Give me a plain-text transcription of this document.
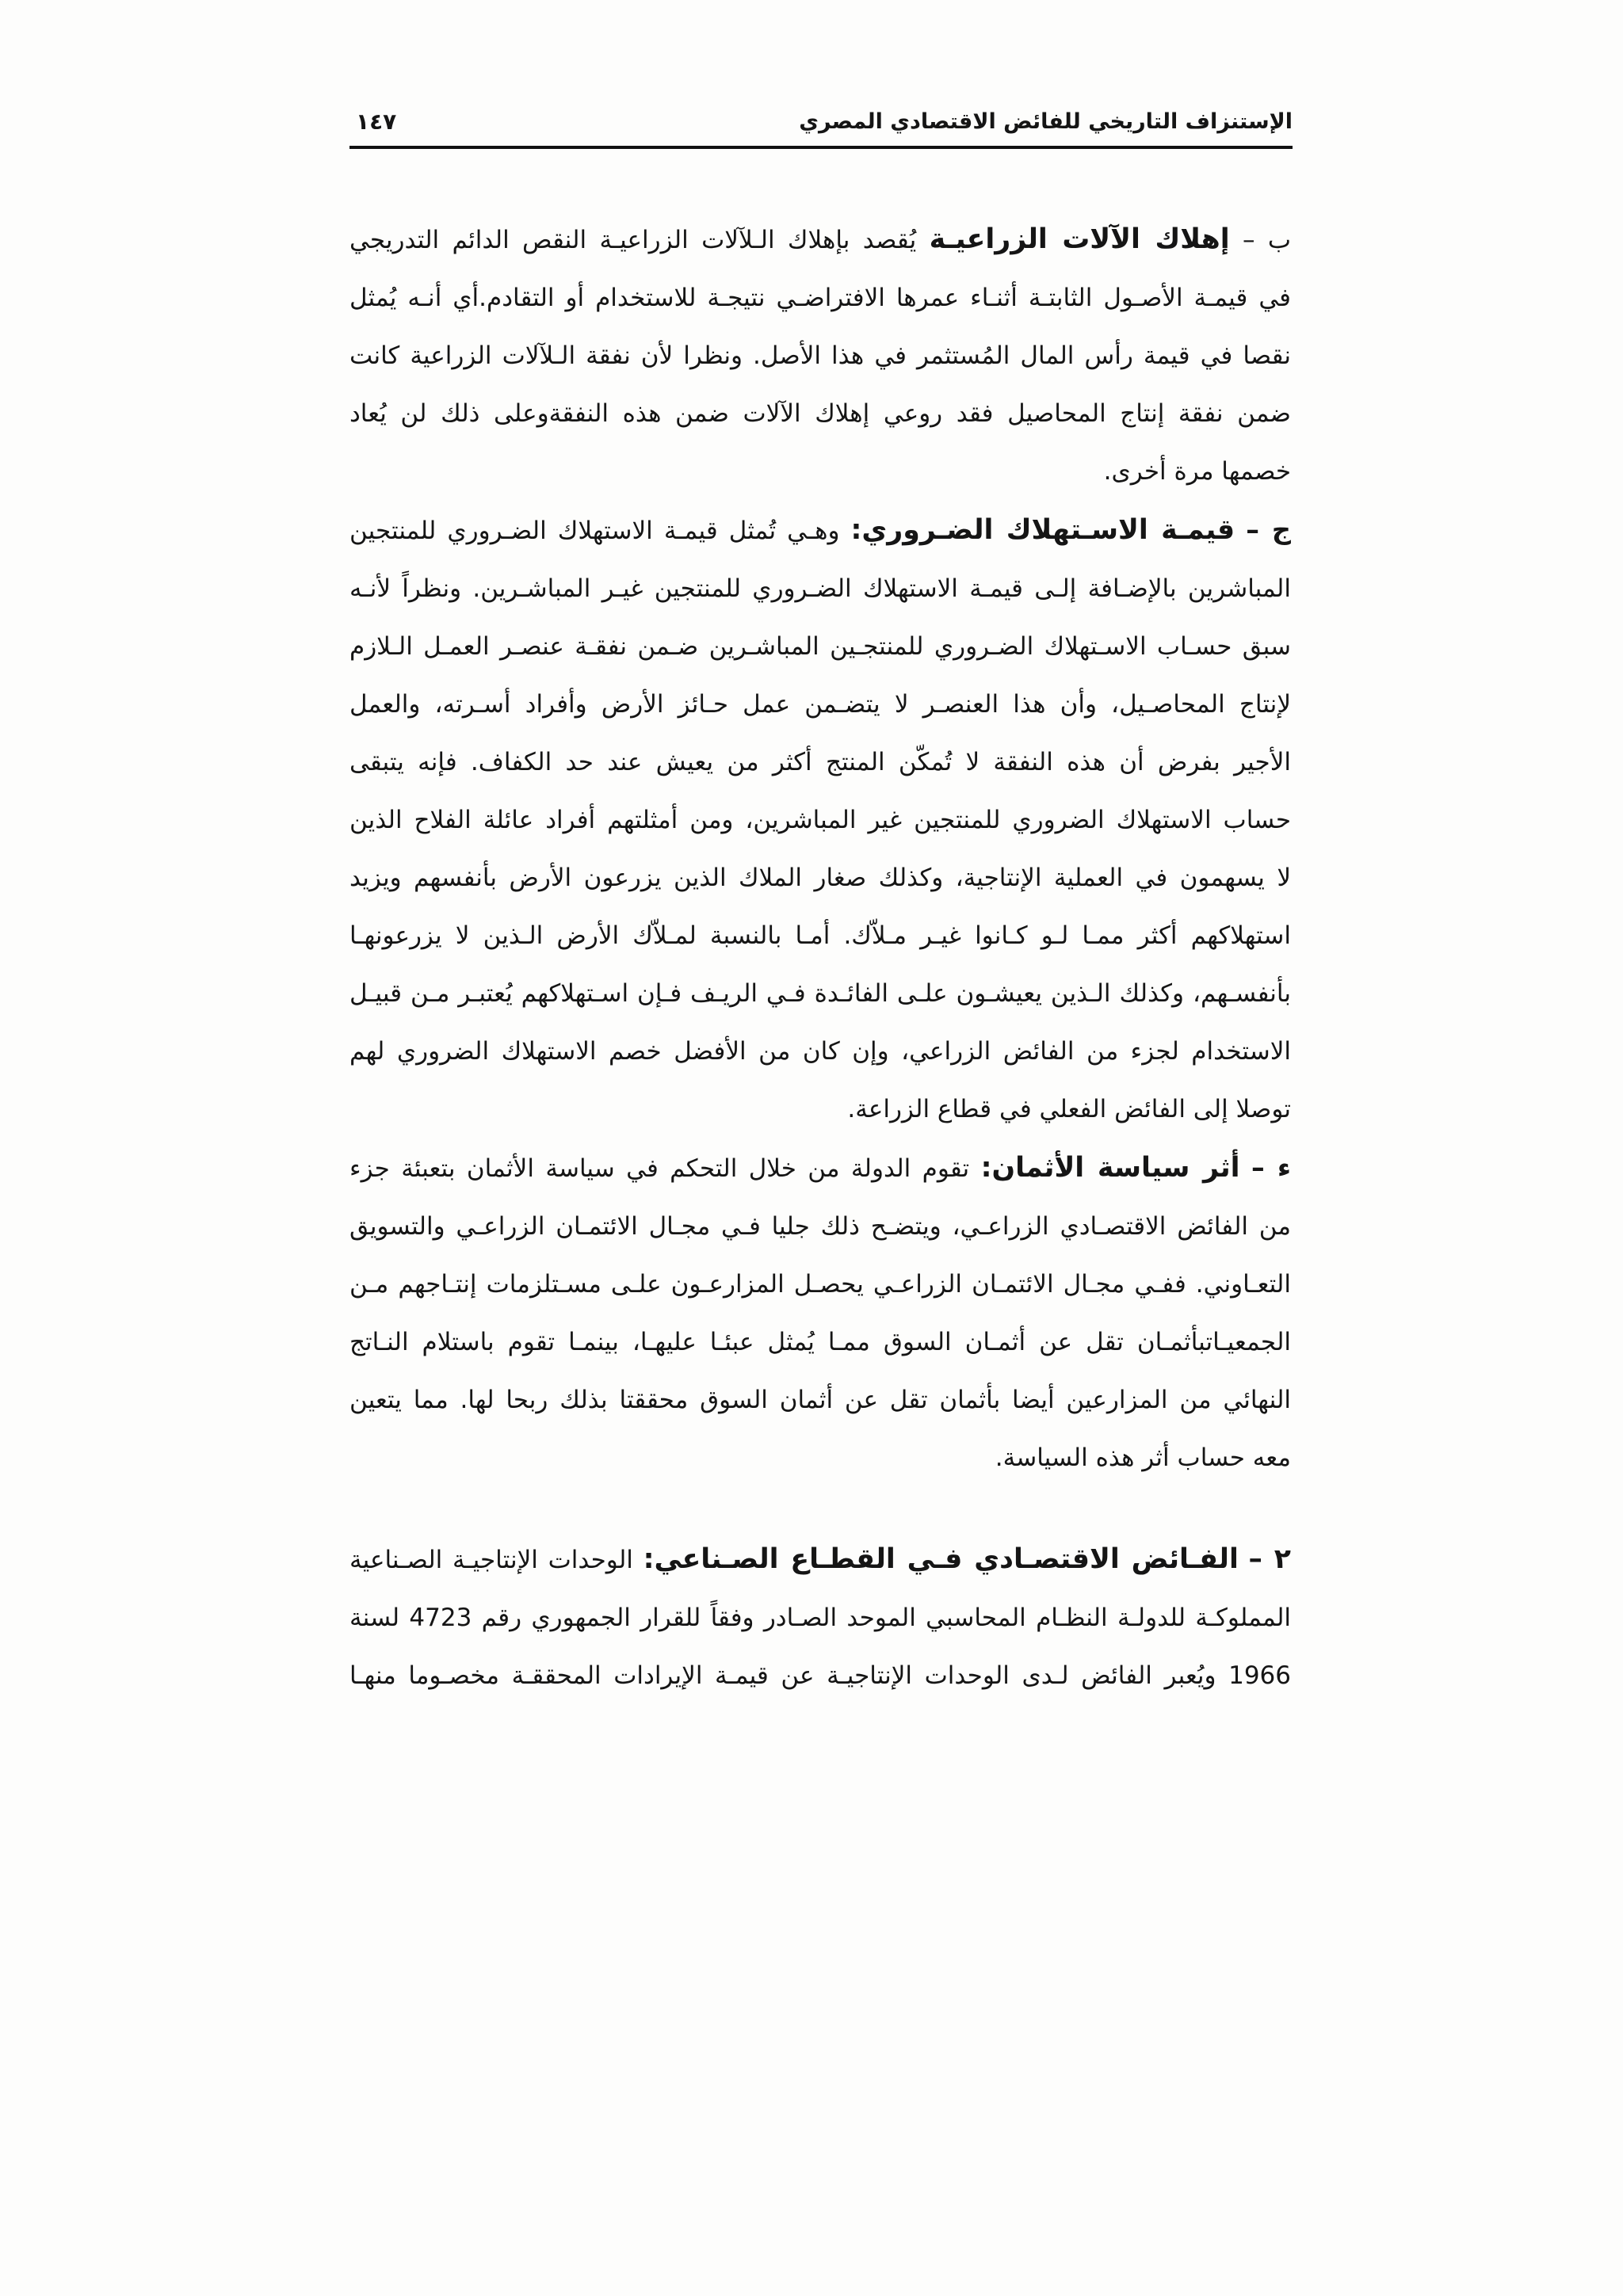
الإستنزاف التاريخي للفائض الاقتصادي المصري
١٤٧
ب – إهلاك الآلات الزراعيـة يُقصد بإهلاك الـلآلات الزراعيـة النقص الدائم التدريجي
في قيمـة الأصـول الثابتـة أثنـاء عمرها الافتراضـي نتيجـة للاستخدام أو التقادم.أي أنـه يُمثل
نقصا في قيمة رأس المال المُستثمر في هذا الأصل. ونظرا لأن نفقة الـلآلات الزراعية كانت
ضمن نفقة إنتاج المحاصيل فقد روعي إهلاك الآلات ضمن هذه النفقةوعلى ذلك لن يُعاد
خصمها مرة أخرى.
ج – قيمـة الاسـتهلاك الضـروري: وهـي تُمثل قيمـة الاستهلاك الضـروري للمنتجين
المباشرين بالإضـافة إلـى قيمـة الاستهلاك الضـروري للمنتجين غيـر المباشـرين. ونظراً لأنـه
سبق حسـاب الاسـتهلاك الضـروري للمنتجـين المباشـرين ضـمن نفقـة عنصـر العمـل الـلازم
لإنتاج المحاصـيل، وأن هذا العنصـر لا يتضـمن عمل حـائز الأرض وأفراد أسـرته، والعمل
الأجير بفرض أن هذه النفقة لا تُمكّن المنتج أكثر من يعيش عند حد الكفاف. فإنه يتبقى
حساب الاستهلاك الضروري للمنتجين غير المباشرين، ومن أمثلتهم أفراد عائلة الفلاح الذين
لا يسهمون في العملية الإنتاجية، وكذلك صغار الملاك الذين يزرعون الأرض بأنفسهم ويزيد
استهلاكهم أكثر ممـا لـو كـانوا غيـر مـلاّك. أمـا بالنسبة لمـلاّك الأرض الـذين لا يزرعونهـا
بأنفسـهم، وكذلك الـذين يعيشـون علـى الفائـدة فـي الريـف فـإن اسـتهلاكهم يُعتبـر مـن قبيـل
الاستخدام لجزء من الفائض الزراعي، وإن كان من الأفضل خصم الاستهلاك الضروري لهم
توصلا إلى الفائض الفعلي في قطاع الزراعة.
ء – أثر سياسة الأثمان: تقوم الدولة من خلال التحكم في سياسة الأثمان بتعبئة جزء
من الفائض الاقتصـادي الزراعـي، ويتضـح ذلك جليا فـي مجـال الائتمـان الزراعـي والتسويق
التعـاوني. ففـي مجـال الائتمـان الزراعـي يحصـل المزارعـون علـى مسـتلزمات إنتـاجهم مـن
الجمعيـاتبأثمـان تقل عن أثمـان السوق ممـا يُمثل عبئـا عليهـا، بينمـا تقوم باستلام النـاتج
النهائي من المزارعين أيضا بأثمان تقل عن أثمان السوق محققتا بذلك ربحا لها. مما يتعين
معه حساب أثر هذه السياسة.
٢ – الفـائض الاقتصـادي فـي القطـاع الصـناعي: الوحدات الإنتاجيـة الصـناعية
المملوكـة للدولـة النظـام المحاسبي الموحد الصـادر وفقاً للقرار الجمهوري رقم 4723 لسنة
1966 ويُعبر الفائض لـدى الوحدات الإنتاجيـة عن قيمـة الإيرادات المحققـة مخصـوما منهـا
